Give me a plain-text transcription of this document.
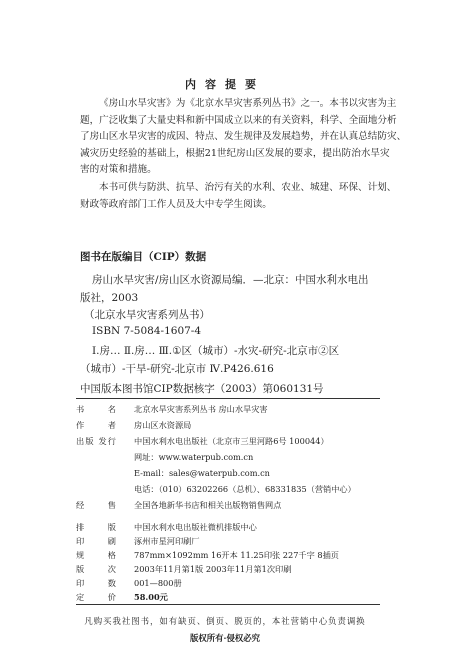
内容提要
《房山水旱灾害》为《北京水旱灾害系列丛书》之一。本书以灾害为主
题，广泛收集了大量史料和新中国成立以来的有关资料，科学、全面地分析
了房山区水旱灾害的成因、特点、发生规律及发展趋势，并在认真总结防灾、
减灾历史经验的基础上，根据21世纪房山区发展的要求，提出防治水旱灾
害的对策和措施。
本书可供与防洪、抗旱、治污有关的水利、农业、城建、环保、计划、
财政等政府部门工作人员及大中专学生阅读。
图书在版编目（CIP）数据
房山水旱灾害/房山区水资源局编．—北京：中国水利水电出
版社，2003
（北京水旱灾害系列丛书）
ISBN 7-5084-1607-4
Ⅰ.房… Ⅱ.房… Ⅲ.①区（城市）-水灾-研究-北京市②区
（城市）-干旱-研究-北京市 Ⅳ.P426.616
中国版本图书馆CIP数据核字（2003）第060131号
书名	北京水旱灾害系列丛书 房山水旱灾害
作者	房山区水资源局
出版 发行	中国水利水电出版社（北京市三里河路6号 100044）
	网址：www.waterpub.com.cn
	E-mail：sales@waterpub.com.cn
	电话：（010）63202266（总机）、68331835（营销中心）
经售	全国各地新华书店和相关出版物销售网点

排版	中国水利水电出版社微机排版中心
印刷	涿州市星河印刷厂
规格	787mm×1092mm 16开本 11.25印张 227千字 8插页
版次	2003年11月第1版 2003年11月第1次印刷
印数	001—800册
定价	58.00元
凡购买我社图书，如有缺页、倒页、脱页的，本社营销中心负责调换
版权所有·侵权必究
